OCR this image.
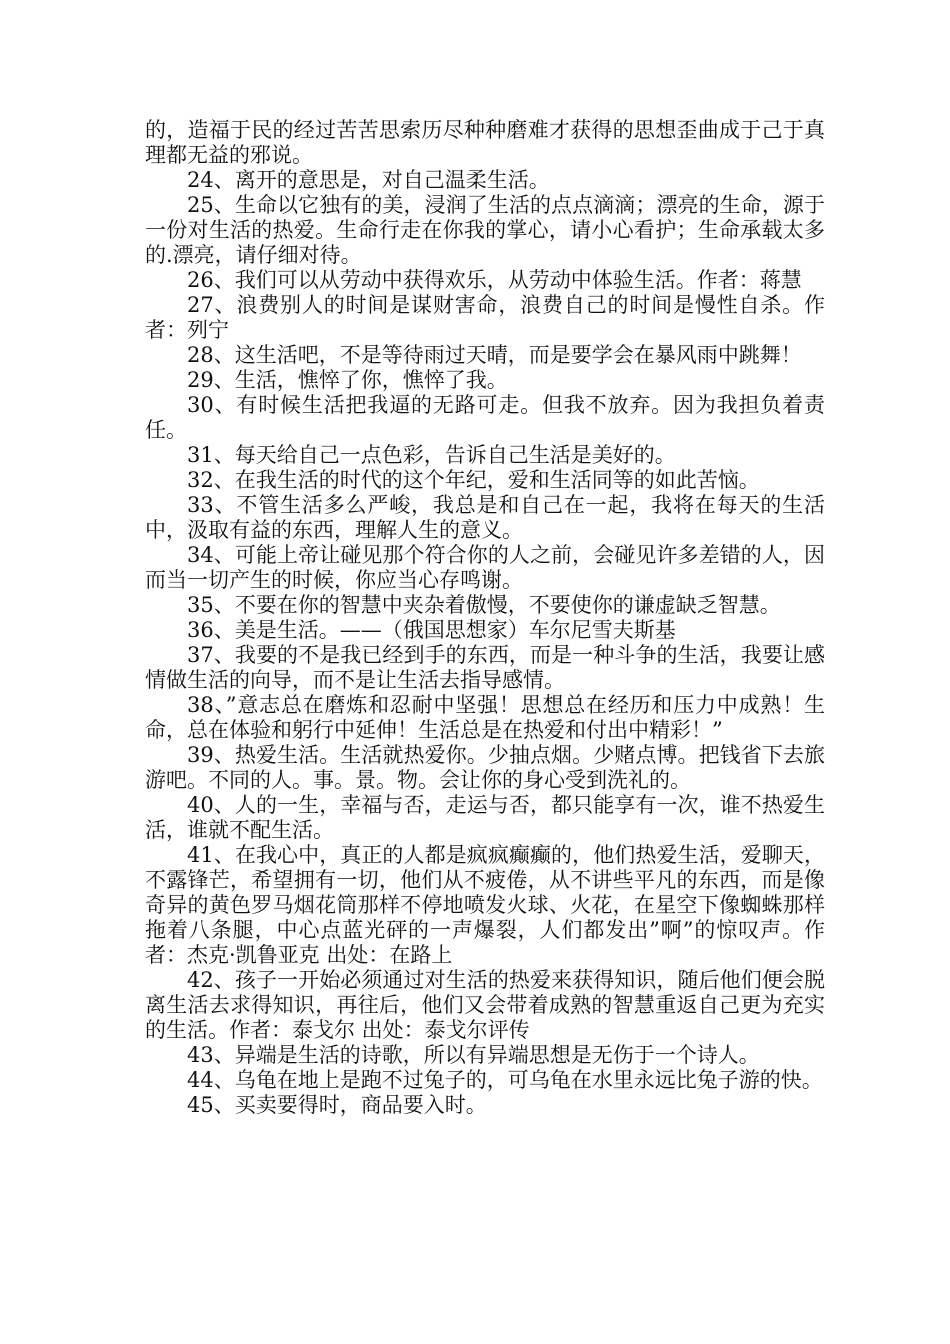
的，造福于民的经过苦苦思索历尽种种磨难才获得的思想歪曲成于己于真理都无益的邪说。

24、离开的意思是，对自己温柔生活。

25、生命以它独有的美，浸润了生活的点点滴滴；漂亮的生命，源于一份对生活的热爱。生命行走在你我的掌心，请小心看护；生命承载太多的.漂亮，请仔细对待。

26、我们可以从劳动中获得欢乐，从劳动中体验生活。作者：蒋慧

27、浪费别人的时间是谋财害命，浪费自己的时间是慢性自杀。作者：列宁

28、这生活吧，不是等待雨过天晴，而是要学会在暴风雨中跳舞！

29、生活，憔悴了你，憔悴了我。

30、有时候生活把我逼的无路可走。但我不放弃。因为我担负着责任。

31、每天给自己一点色彩，告诉自己生活是美好的。

32、在我生活的时代的这个年纪，爱和生活同等的如此苦恼。

33、不管生活多么严峻，我总是和自己在一起，我将在每天的生活中，汲取有益的东西，理解人生的意义。

34、可能上帝让碰见那个符合你的人之前，会碰见许多差错的人，因而当一切产生的时候，你应当心存鸣谢。

35、不要在你的智慧中夹杂着傲慢，不要使你的谦虚缺乏智慧。

36、美是生活。——（俄国思想家）车尔尼雪夫斯基

37、我要的不是我已经到手的东西，而是一种斗争的生活，我要让感情做生活的向导，而不是让生活去指导感情。

38、”意志总在磨炼和忍耐中坚强！思想总在经历和压力中成熟！生命，总在体验和躬行中延伸！生活总是在热爱和付出中精彩！”

39、热爱生活。生活就热爱你。少抽点烟。少赌点博。把钱省下去旅游吧。不同的人。事。景。物。会让你的身心受到洗礼的。

40、人的一生，幸福与否，走运与否，都只能享有一次，谁不热爱生活，谁就不配生活。

41、在我心中，真正的人都是疯疯癫癫的，他们热爱生活，爱聊天，不露锋芒，希望拥有一切，他们从不疲倦，从不讲些平凡的东西，而是像奇异的黄色罗马烟花筒那样不停地喷发火球、火花，在星空下像蜘蛛那样拖着八条腿，中心点蓝光砰的一声爆裂，人们都发出”啊”的惊叹声。作者：杰克·凯鲁亚克 出处：在路上

42、孩子一开始必须通过对生活的热爱来获得知识，随后他们便会脱离生活去求得知识，再往后，他们又会带着成熟的智慧重返自己更为充实的生活。作者：泰戈尔 出处：泰戈尔评传

43、异端是生活的诗歌，所以有异端思想是无伤于一个诗人。

44、乌龟在地上是跑不过兔子的，可乌龟在水里永远比兔子游的快。

45、买卖要得时，商品要入时。
